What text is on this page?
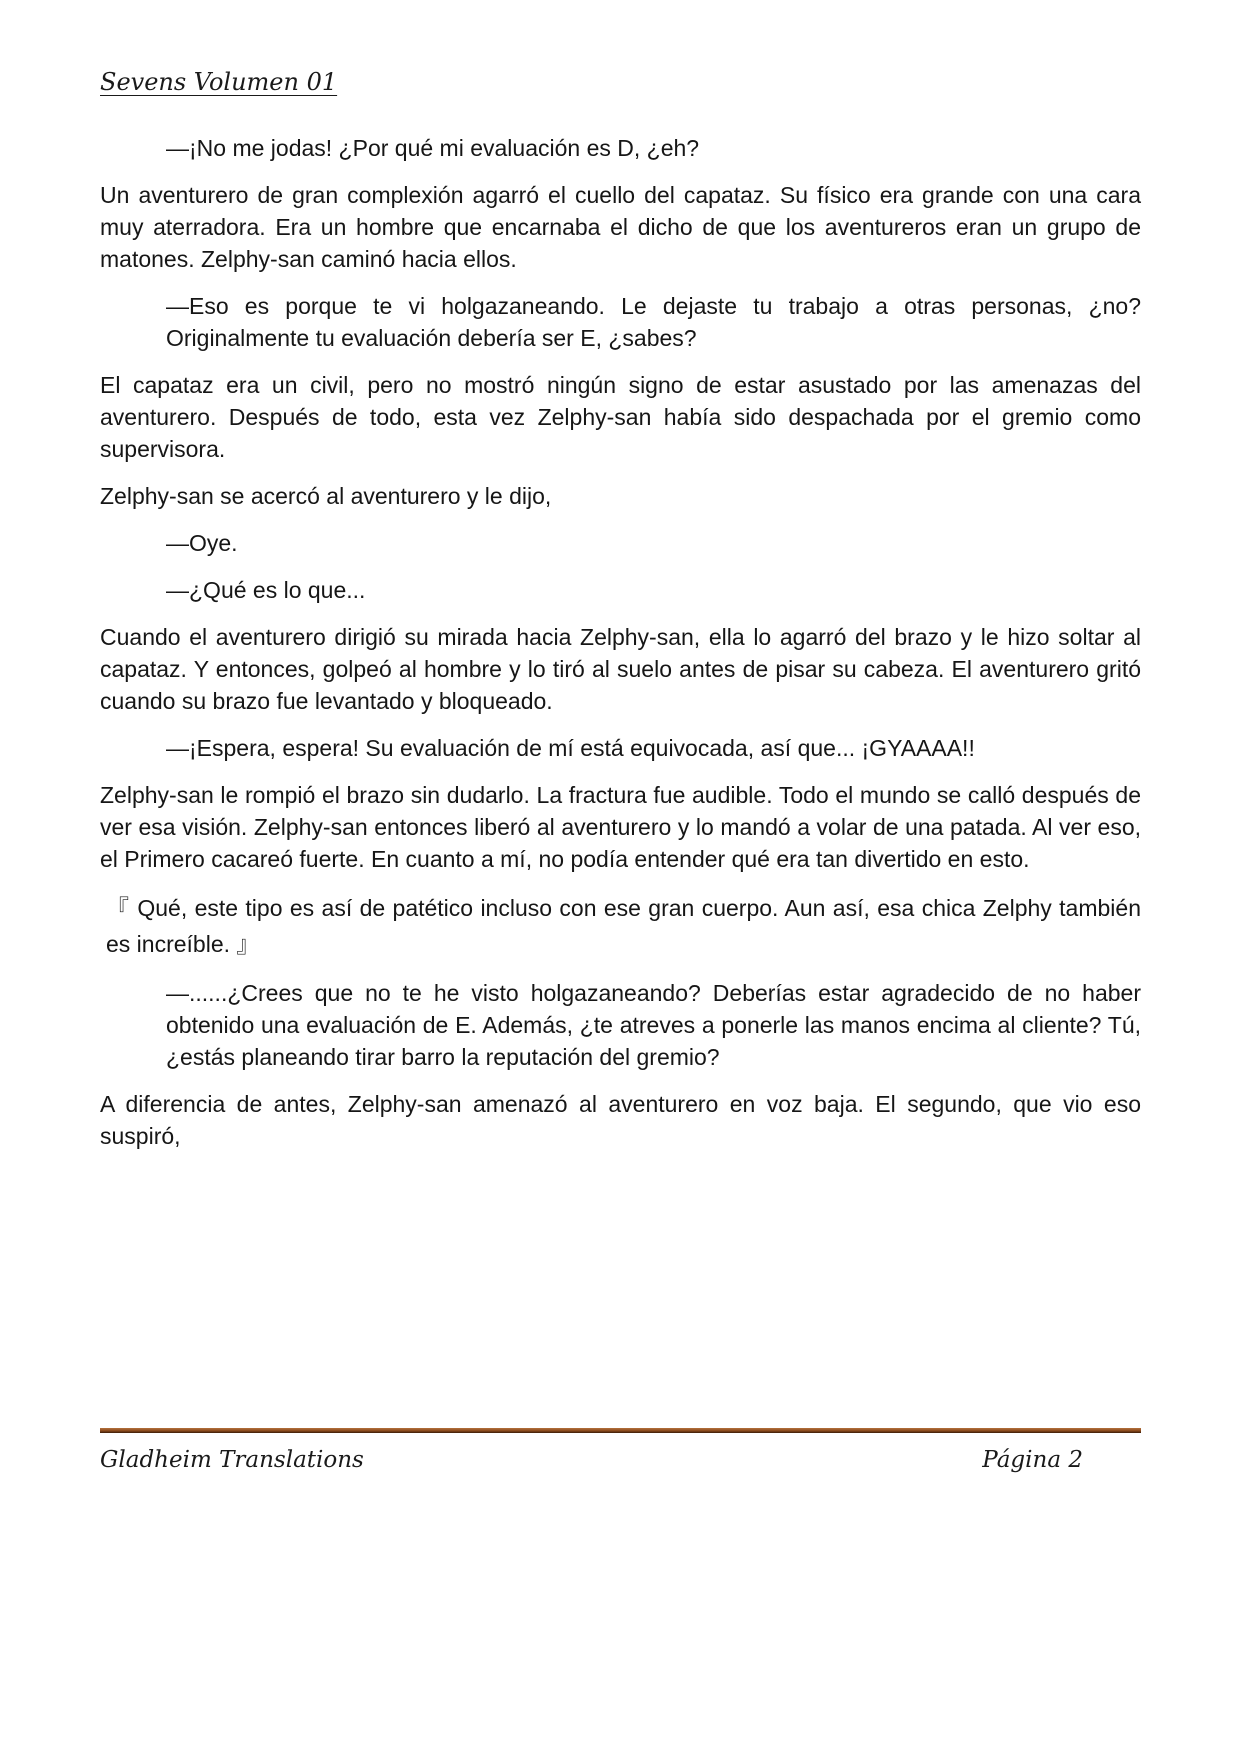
Sevens Volumen 01

—¡No me jodas! ¿Por qué mi evaluación es D, ¿eh?

Un aventurero de gran complexión agarró el cuello del capataz. Su físico era grande con una cara muy aterradora. Era un hombre que encarnaba el dicho de que los aventureros eran un grupo de matones. Zelphy-san caminó hacia ellos.

—Eso es porque te vi holgazaneando. Le dejaste tu trabajo a otras personas, ¿no? Originalmente tu evaluación debería ser E, ¿sabes?

El capataz era un civil, pero no mostró ningún signo de estar asustado por las amenazas del aventurero. Después de todo, esta vez Zelphy-san había sido despachada por el gremio como supervisora.

Zelphy-san se acercó al aventurero y le dijo,

—Oye.

—¿Qué es lo que...

Cuando el aventurero dirigió su mirada hacia Zelphy-san, ella lo agarró del brazo y le hizo soltar al capataz. Y entonces, golpeó al hombre y lo tiró al suelo antes de pisar su cabeza. El aventurero gritó cuando su brazo fue levantado y bloqueado.

—¡Espera, espera! Su evaluación de mí está equivocada, así que... ¡GYAAAA!!

Zelphy-san le rompió el brazo sin dudarlo. La fractura fue audible. Todo el mundo se calló después de ver esa visión. Zelphy-san entonces liberó al aventurero y lo mandó a volar de una patada. Al ver eso, el Primero cacareó fuerte. En cuanto a mí, no podía entender qué era tan divertido en esto.

『 Qué, este tipo es así de patético incluso con ese gran cuerpo. Aun así, esa chica Zelphy también es increíble. 』

—......¿Crees que no te he visto holgazaneando? Deberías estar agradecido de no haber obtenido una evaluación de E. Además, ¿te atreves a ponerle las manos encima al cliente? Tú, ¿estás planeando tirar barro la reputación del gremio?

A diferencia de antes, Zelphy-san amenazó al aventurero en voz baja. El segundo, que vio eso suspiró,

Gladheim Translations	Página 2
